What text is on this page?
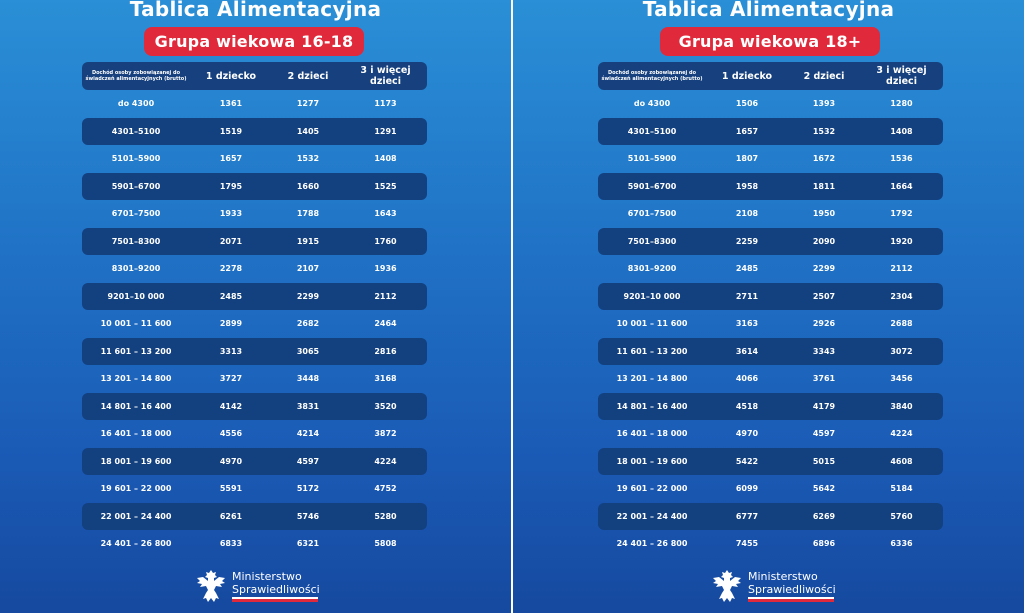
Tablica Alimentacyjna
Grupa wiekowa 16-18
Dochód osoby zobowiązanej do świadczeń alimentacyjnych (brutto)	1 dziecko	2 dzieci	3 i więcej dzieci
do 4300	1361	1277	1173
4301–5100	1519	1405	1291
5101–5900	1657	1532	1408
5901–6700	1795	1660	1525
6701–7500	1933	1788	1643
7501–8300	2071	1915	1760
8301–9200	2278	2107	1936
9201–10 000	2485	2299	2112
10 001 – 11 600	2899	2682	2464
11 601 – 13 200	3313	3065	2816
13 201 – 14 800	3727	3448	3168
14 801 – 16 400	4142	3831	3520
16 401 – 18 000	4556	4214	3872
18 001 – 19 600	4970	4597	4224
19 601 – 22 000	5591	5172	4752
22 001 – 24 400	6261	5746	5280
24 401 – 26 800	6833	6321	5808
Ministerstwo
Sprawiedliwości
Tablica Alimentacyjna
Grupa wiekowa 18+
Dochód osoby zobowiązanej do świadczeń alimentacyjnych (brutto)	1 dziecko	2 dzieci	3 i więcej dzieci
do 4300	1506	1393	1280
4301–5100	1657	1532	1408
5101–5900	1807	1672	1536
5901–6700	1958	1811	1664
6701–7500	2108	1950	1792
7501–8300	2259	2090	1920
8301–9200	2485	2299	2112
9201–10 000	2711	2507	2304
10 001 – 11 600	3163	2926	2688
11 601 – 13 200	3614	3343	3072
13 201 – 14 800	4066	3761	3456
14 801 – 16 400	4518	4179	3840
16 401 – 18 000	4970	4597	4224
18 001 – 19 600	5422	5015	4608
19 601 – 22 000	6099	5642	5184
22 001 – 24 400	6777	6269	5760
24 401 – 26 800	7455	6896	6336
Ministerstwo
Sprawiedliwości
